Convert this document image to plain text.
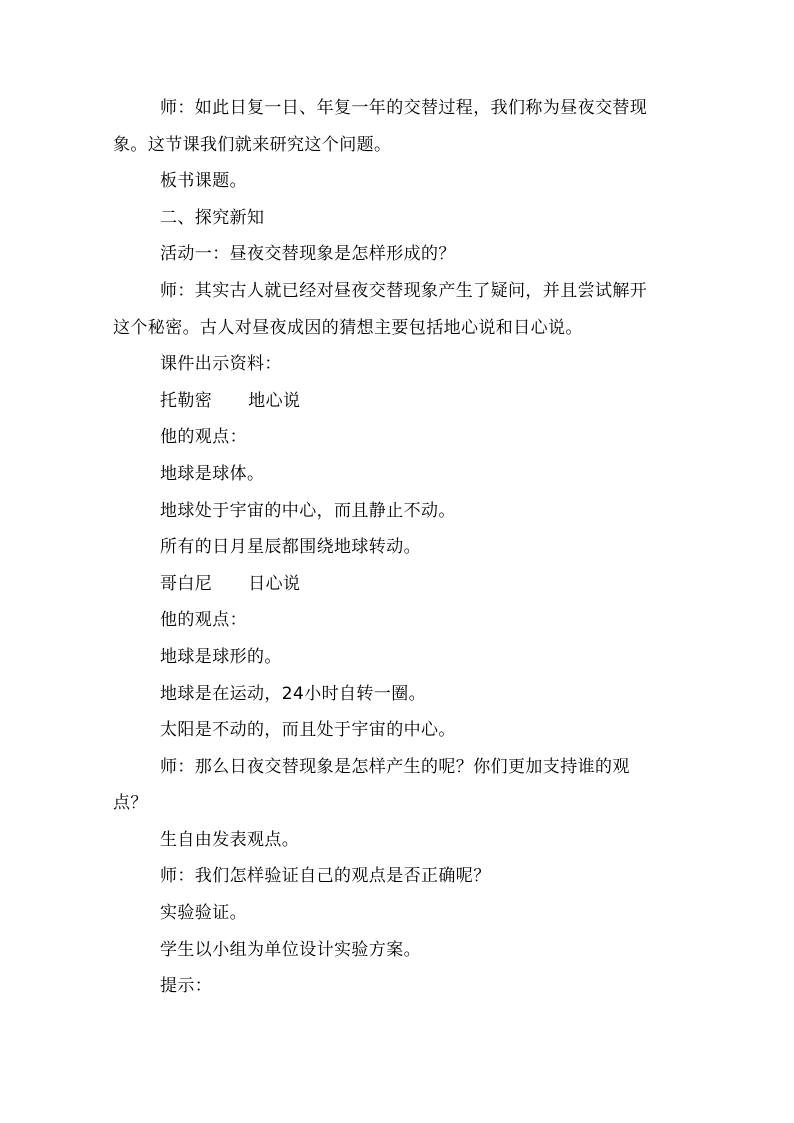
师：如此日复一日、年复一年的交替过程，我们称为昼夜交替现
象。这节课我们就来研究这个问题。
板书课题。
二、探究新知
活动一：昼夜交替现象是怎样形成的？
师：其实古人就已经对昼夜交替现象产生了疑问，并且尝试解开
这个秘密。古人对昼夜成因的猜想主要包括地心说和日心说。
课件出示资料：
托勒密 地心说
他的观点：
地球是球体。
地球处于宇宙的中心，而且静止不动。
所有的日月星辰都围绕地球转动。
哥白尼 日心说
他的观点：
地球是球形的。
地球是在运动，24小时自转一圈。
太阳是不动的，而且处于宇宙的中心。
师：那么日夜交替现象是怎样产生的呢？你们更加支持谁的观
点？
生自由发表观点。
师：我们怎样验证自己的观点是否正确呢？
实验验证。
学生以小组为单位设计实验方案。
提示：
